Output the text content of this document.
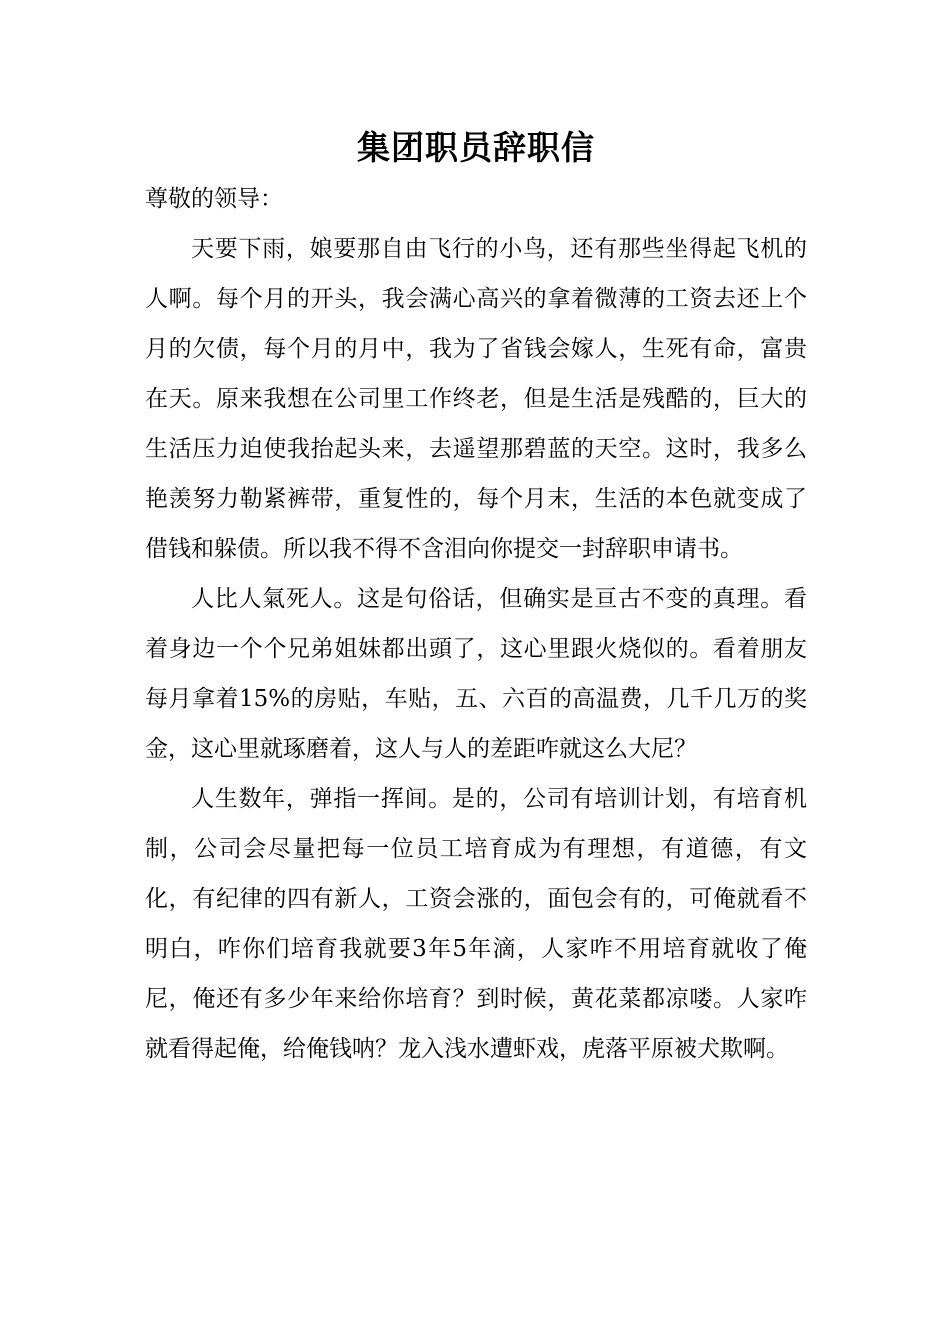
集团职员辞职信

尊敬的领导：

天要下雨，娘要那自由飞行的小鸟，还有那些坐得起飞机的人啊。每个月的开头，我会满心高兴的拿着微薄的工资去还上个月的欠债，每个月的月中，我为了省钱会嫁人，生死有命，富贵在天。原来我想在公司里工作终老，但是生活是残酷的，巨大的生活压力迫使我抬起头来，去遥望那碧蓝的天空。这时，我多么艳羡努力勒紧裤带，重复性的，每个月末，生活的本色就变成了借钱和躲债。所以我不得不含泪向你提交一封辞职申请书。

人比人氣死人。这是句俗话，但确实是亘古不变的真理。看着身边一个个兄弟姐妹都出頭了，这心里跟火烧似的。看着朋友每月拿着15%的房贴，车贴，五、六百的高温费，几千几万的奖金，这心里就琢磨着，这人与人的差距咋就这么大尼？

人生数年，弹指一挥间。是的，公司有培训计划，有培育机制，公司会尽量把每一位员工培育成为有理想，有道德，有文化，有纪律的四有新人，工资会涨的，面包会有的，可俺就看不明白，咋你们培育我就要3年5年滴，人家咋不用培育就收了俺尼，俺还有多少年来给你培育？到时候，黄花菜都凉喽。人家咋就看得起俺，给俺钱呐？龙入浅水遭虾戏，虎落平原被犬欺啊。
